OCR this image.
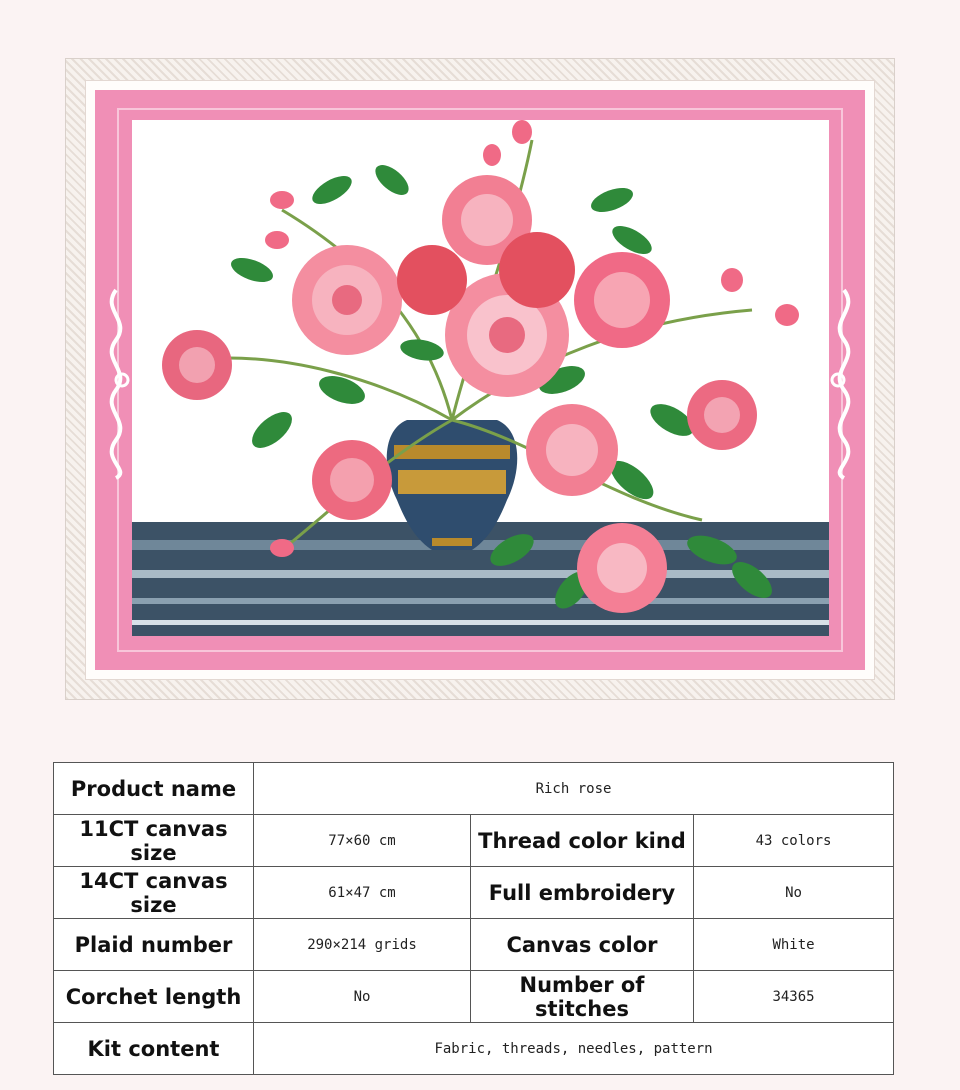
Product name	Rich rose		
11CT canvas size	77×60 cm	Thread color kind	43 colors
14CT canvas size	61×47 cm	Full embroidery	No
Plaid number	290×214 grids	Canvas color	White
Corchet length	No	Number of stitches	34365
Kit content	Fabric, threads, needles, pattern		
